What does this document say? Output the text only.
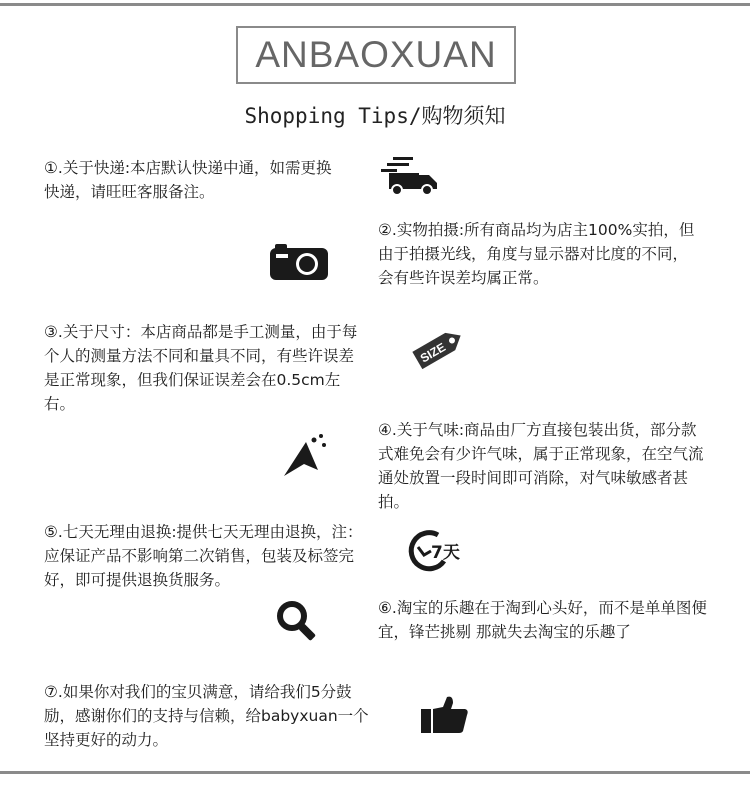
ANBAOXUAN
Shopping Tips/购物须知

①.关于快递:本店默认快递中通，如需更换快递，请旺旺客服备注。

②.实物拍摄:所有商品均为店主100%实拍，但由于拍摄光线，角度与显示器对比度的不同，会有些许误差均属正常。

③.关于尺寸：本店商品都是手工测量，由于每个人的测量方法不同和量具不同，有些许误差是正常现象，但我们保证误差会在0.5cm左右。

SIZE

④.关于气味:商品由厂方直接包装出货，部分款式难免会有少许气味，属于正常现象，在空气流通处放置一段时间即可消除，对气味敏感者甚拍。

⑤.七天无理由退换:提供七天无理由退换，注：应保证产品不影响第二次销售，包装及标签完好，即可提供退换货服务。

7天

⑥.淘宝的乐趣在于淘到心头好，而不是单单图便宜，锋芒挑剔 那就失去淘宝的乐趣了

⑦.如果你对我们的宝贝满意，请给我们5分鼓励，感谢你们的支持与信赖，给babyxuan一个坚持更好的动力。
